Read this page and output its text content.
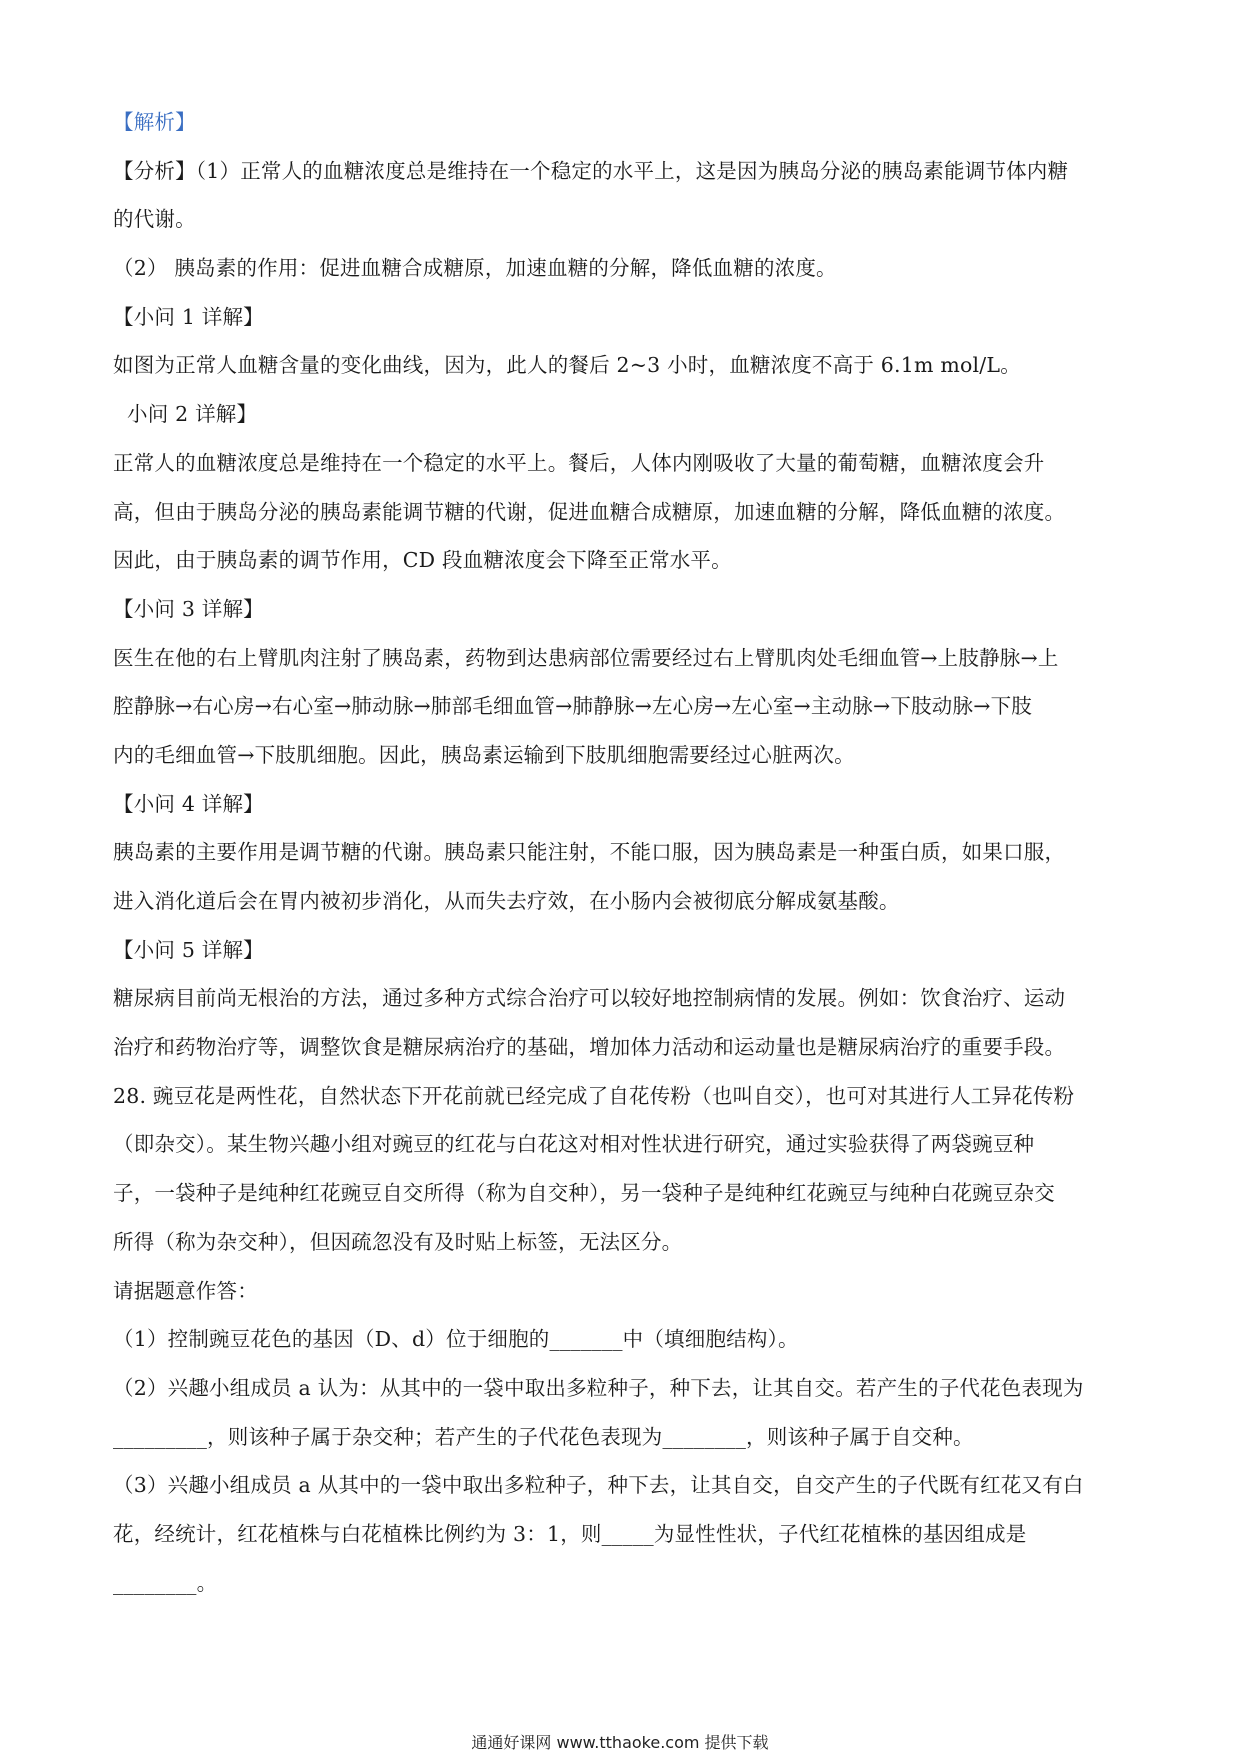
【解析】
【分析】（1）正常人的血糖浓度总是维持在一个稳定的水平上，这是因为胰岛分泌的胰岛素能调节体内糖
的代谢。
（2） 胰岛素的作用：促进血糖合成糖原，加速血糖的分解，降低血糖的浓度。
【小问 1 详解】
如图为正常人血糖含量的变化曲线，因为，此人的餐后 2~3 小时，血糖浓度不高于 6.1m mol/L。
小问 2 详解】
正常人的血糖浓度总是维持在一个稳定的水平上。餐后，人体内刚吸收了大量的葡萄糖，血糖浓度会升
高，但由于胰岛分泌的胰岛素能调节糖的代谢，促进血糖合成糖原，加速血糖的分解，降低血糖的浓度。
因此，由于胰岛素的调节作用，CD 段血糖浓度会下降至正常水平。
【小问 3 详解】
医生在他的右上臂肌肉注射了胰岛素，药物到达患病部位需要经过右上臂肌肉处毛细血管→上肢静脉→上
腔静脉→右心房→右心室→肺动脉→肺部毛细血管→肺静脉→左心房→左心室→主动脉→下肢动脉→下肢
内的毛细血管→下肢肌细胞。因此，胰岛素运输到下肢肌细胞需要经过心脏两次。
【小问 4 详解】
胰岛素的主要作用是调节糖的代谢。胰岛素只能注射，不能口服，因为胰岛素是一种蛋白质，如果口服，
进入消化道后会在胃内被初步消化，从而失去疗效，在小肠内会被彻底分解成氨基酸。
【小问 5 详解】
糖尿病目前尚无根治的方法，通过多种方式综合治疗可以较好地控制病情的发展。例如：饮食治疗、运动
治疗和药物治疗等，调整饮食是糖尿病治疗的基础，增加体力活动和运动量也是糖尿病治疗的重要手段。
28. 豌豆花是两性花，自然状态下开花前就已经完成了自花传粉（也叫自交），也可对其进行人工异花传粉
（即杂交）。某生物兴趣小组对豌豆的红花与白花这对相对性状进行研究，通过实验获得了两袋豌豆种
子，一袋种子是纯种红花豌豆自交所得（称为自交种），另一袋种子是纯种红花豌豆与纯种白花豌豆杂交
所得（称为杂交种），但因疏忽没有及时贴上标签，无法区分。
请据题意作答：
（1）控制豌豆花色的基因（D、d）位于细胞的_______中（填细胞结构）。
（2）兴趣小组成员 a 认为：从其中的一袋中取出多粒种子，种下去，让其自交。若产生的子代花色表现为
_________，则该种子属于杂交种；若产生的子代花色表现为________，则该种子属于自交种。
（3）兴趣小组成员 a 从其中的一袋中取出多粒种子，种下去，让其自交，自交产生的子代既有红花又有白
花，经统计，红花植株与白花植株比例约为 3：1，则_____为显性性状，子代红花植株的基因组成是
________。
通通好课网 www.tthaoke.com 提供下载
